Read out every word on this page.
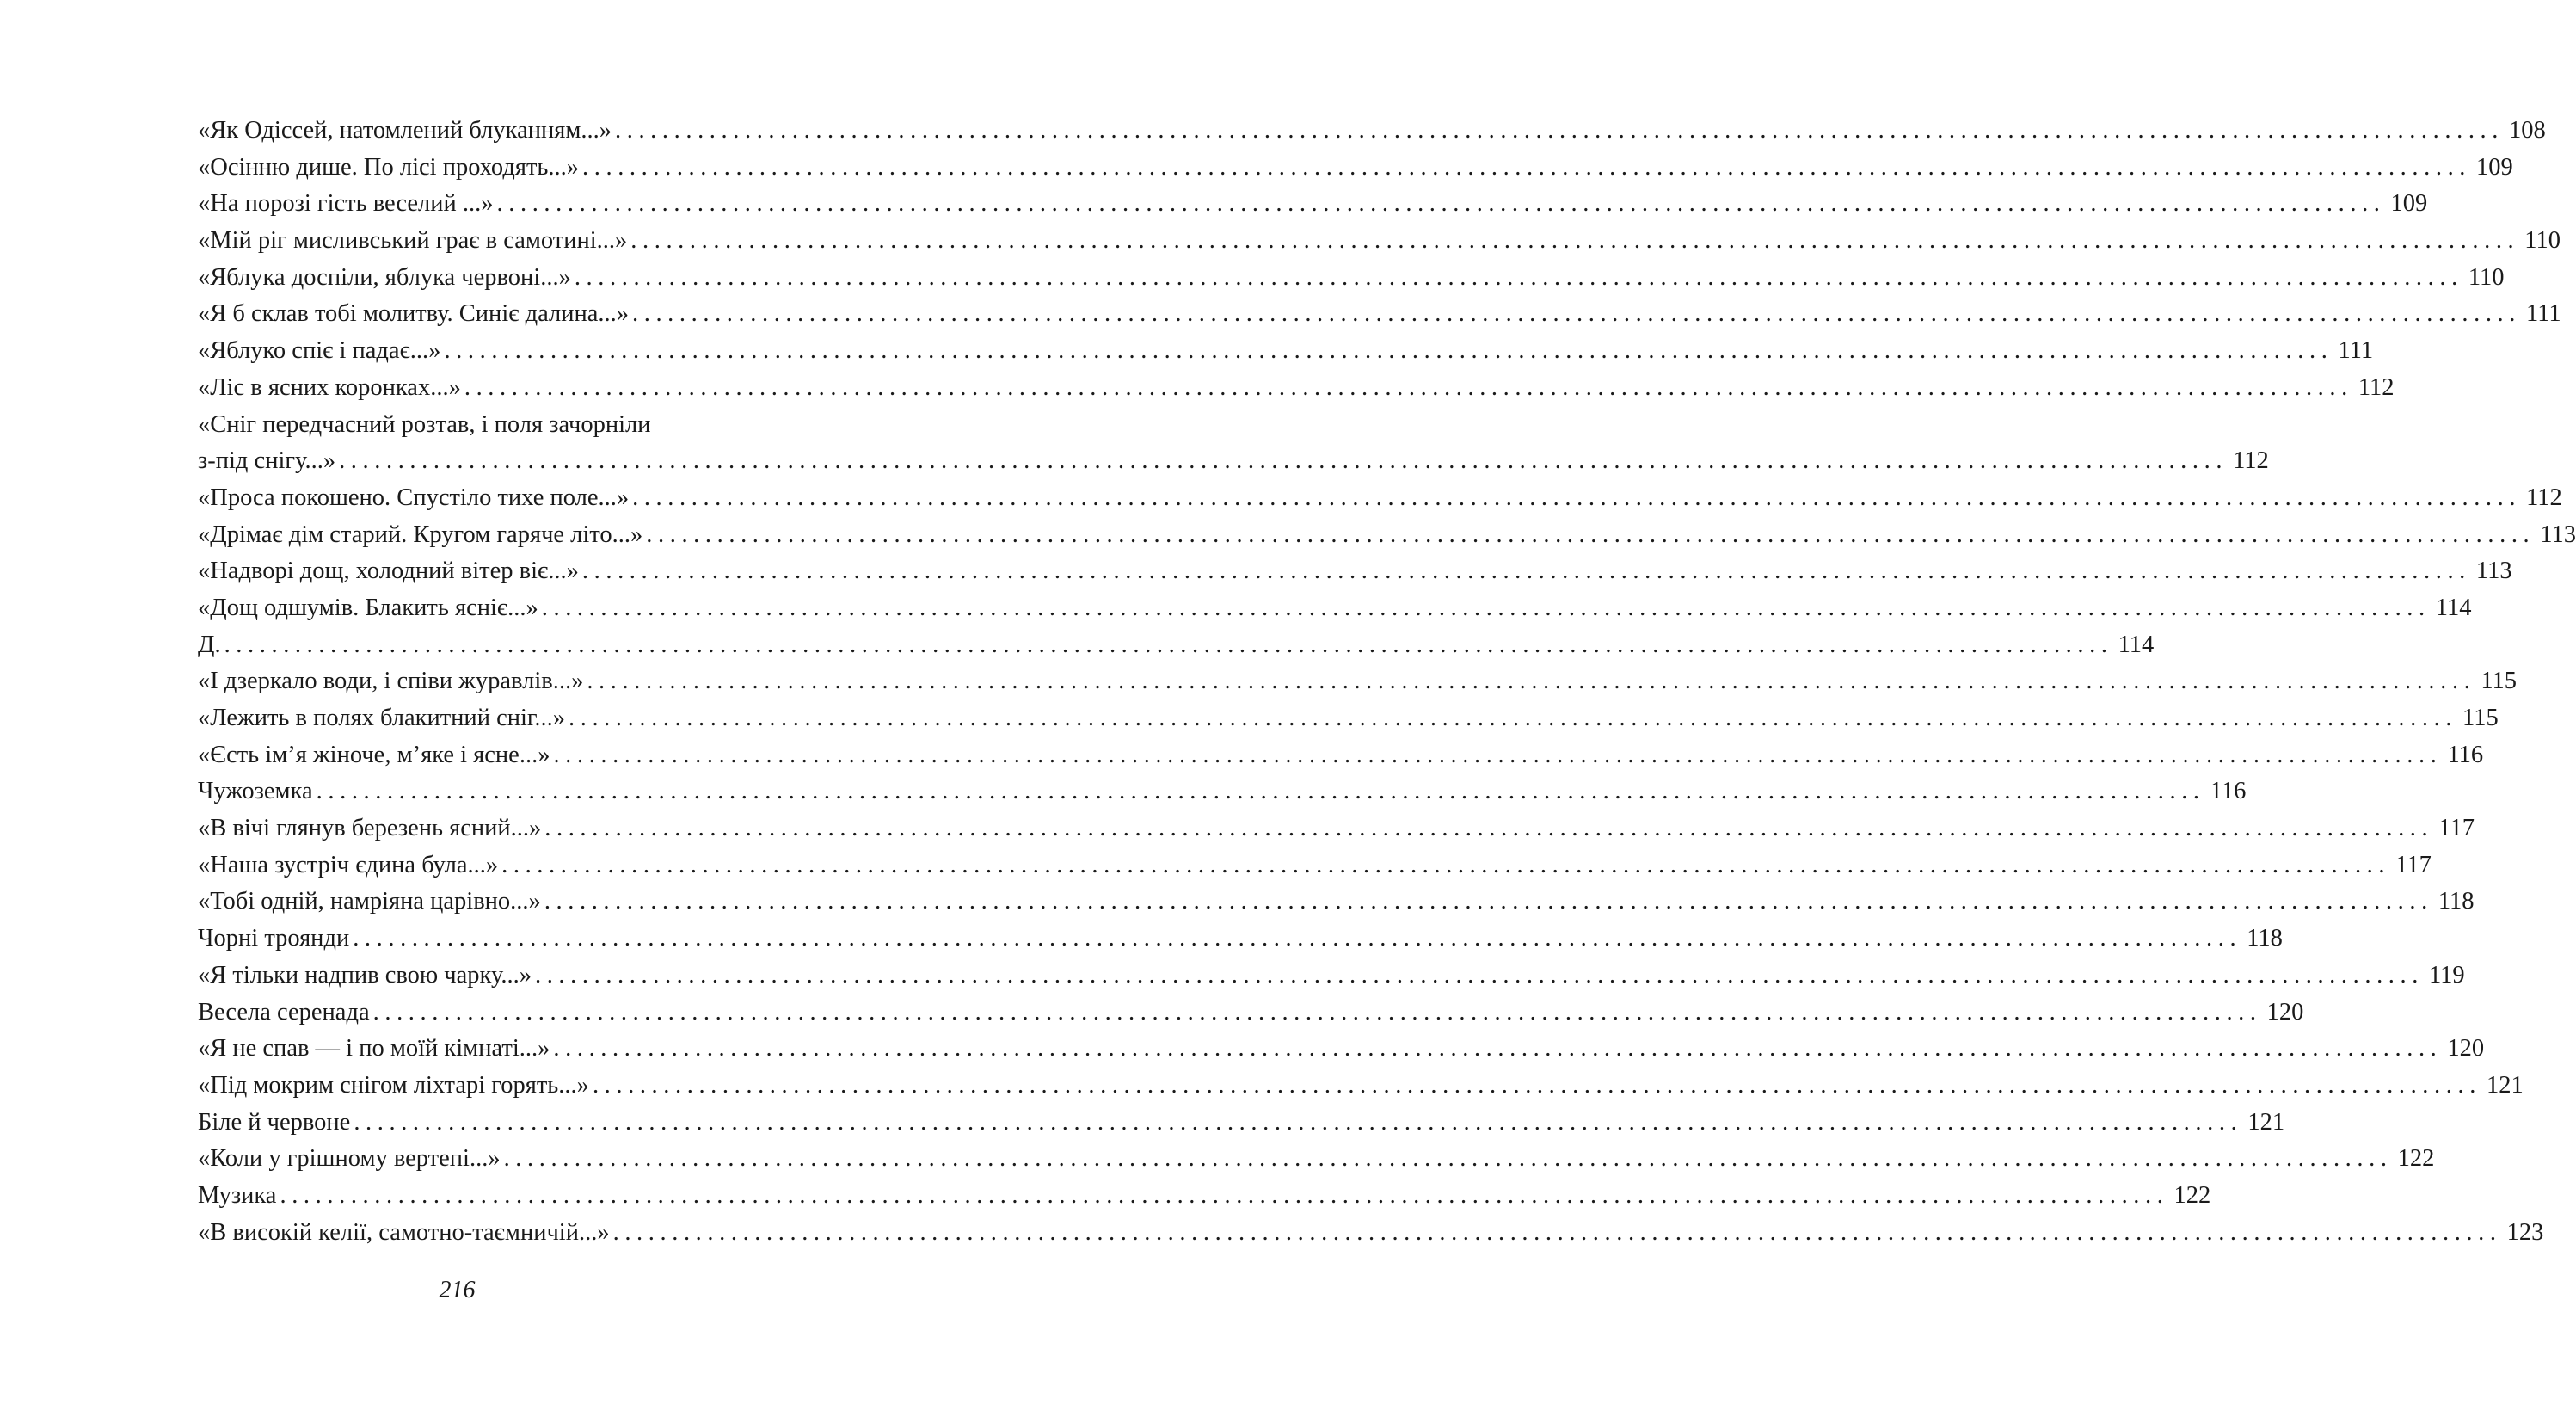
«Як Одіссей, натомлений блуканням...» ................................................................................................................................................................ 108
«Осінню дише. По лісі проходять...» ................................................................................................................................................................ 109
«На порозі гість веселий ...» ................................................................................................................................................................ 109
«Мій ріг мисливський грає в самотині...» ................................................................................................................................................................ 110
«Яблука доспіли, яблука червоні...» ................................................................................................................................................................ 110
«Я б склав тобі молитву. Синіє далина...» ................................................................................................................................................................ 111
«Яблуко спіє і падає...» ................................................................................................................................................................ 111
«Ліс в ясних коронках...» ................................................................................................................................................................ 112
«Сніг передчасний розтав, і поля зачорніли
з-під снігу...» ................................................................................................................................................................ 112
«Проса покошено. Спустіло тихе поле...» ................................................................................................................................................................ 112
«Дрімає дім старий. Кругом гаряче літо...» ................................................................................................................................................................ 113
«Надворі дощ, холодний вітер віє...» ................................................................................................................................................................ 113
«Дощ одшумів. Блакить ясніє...» ................................................................................................................................................................ 114
Д. ................................................................................................................................................................ 114
«І дзеркало води, і співи журавлів...» ................................................................................................................................................................ 115
«Лежить в полях блакитний сніг...» ................................................................................................................................................................ 115
«Єсть ім’я жіноче, м’яке і ясне...» ................................................................................................................................................................ 116
Чужоземка ................................................................................................................................................................ 116
«В вічі глянув березень ясний...» ................................................................................................................................................................ 117
«Наша зустріч єдина була...» ................................................................................................................................................................ 117
«Тобі одній, намріяна царівно...» ................................................................................................................................................................ 118
Чорні троянди ................................................................................................................................................................ 118
«Я тільки надпив свою чарку...» ................................................................................................................................................................ 119
Весела серенада ................................................................................................................................................................ 120
«Я не спав — і по моїй кімнаті...» ................................................................................................................................................................ 120
«Під мокрим снігом ліхтарі горять...» ................................................................................................................................................................ 121
Біле й червоне ................................................................................................................................................................ 121
«Коли у грішному вертепі...» ................................................................................................................................................................ 122
Музика ................................................................................................................................................................ 122
«В високій келії, самотно-таємничій...» ................................................................................................................................................................ 123
216
